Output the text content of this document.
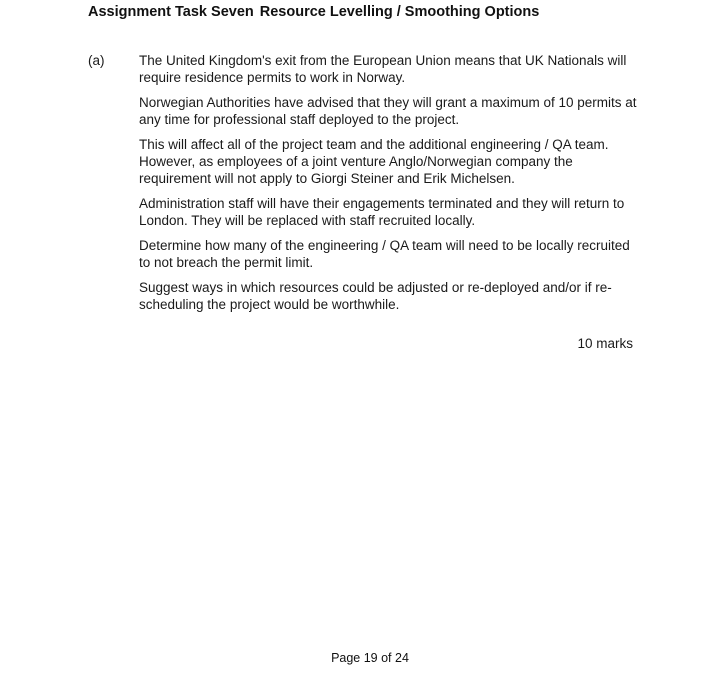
Assignment Task Seven Resource Levelling / Smoothing Options
(a)	The United Kingdom's exit from the European Union means that UK Nationals will require residence permits to work in Norway.

Norwegian Authorities have advised that they will grant a maximum of 10 permits at any time for professional staff deployed to the project.

This will affect all of the project team and the additional engineering / QA team. However, as employees of a joint venture Anglo/Norwegian company the requirement will not apply to Giorgi Steiner and Erik Michelsen.

Administration staff will have their engagements terminated and they will return to London. They will be replaced with staff recruited locally.

Determine how many of the engineering / QA team will need to be locally recruited to not breach the permit limit.

Suggest ways in which resources could be adjusted or re-deployed and/or if re-scheduling the project would be worthwhile.

10 marks
Page 19 of 24
